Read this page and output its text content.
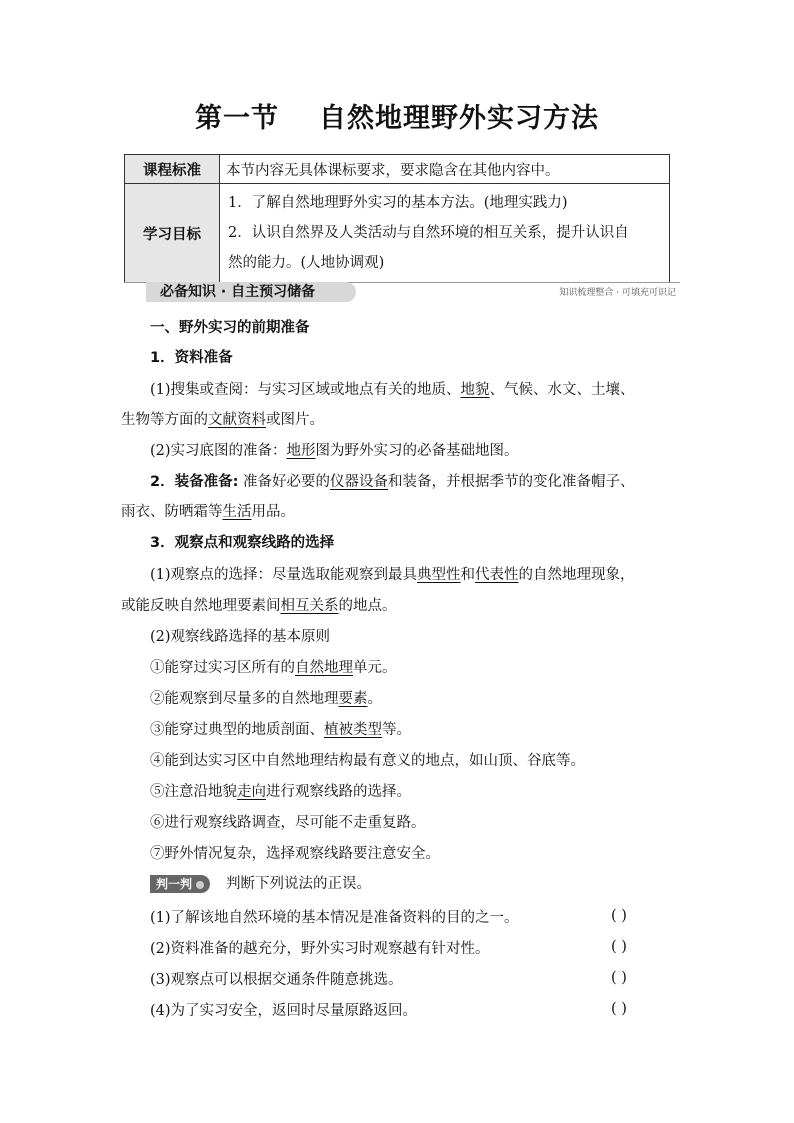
第一节 自然地理野外实习方法
课程标准	本节内容无具体课标要求，要求隐含在其他内容中。
学习目标	1．了解自然地理野外实习的基本方法。(地理实践力)
2．认识自然界及人类活动与自然环境的相互关系，提升认识自
然的能力。(人地协调观)
必备知识 · 自主预习储备	知识梳理整合 · 可填充可识记
一、野外实习的前期准备
1．资料准备
(1)搜集或查阅：与实习区域或地点有关的地质、地貌、气候、水文、土壤、
生物等方面的文献资料或图片。
(2)实习底图的准备：地形图为野外实习的必备基础地图。
2．装备准备: 准备好必要的仪器设备和装备，并根据季节的变化准备帽子、
雨衣、防晒霜等生活用品。
3．观察点和观察线路的选择
(1)观察点的选择：尽量选取能观察到最具典型性和代表性的自然地理现象，
或能反映自然地理要素间相互关系的地点。
(2)观察线路选择的基本原则
①能穿过实习区所有的自然地理单元。
②能观察到尽量多的自然地理要素。
③能穿过典型的地质剖面、植被类型等。
④能到达实习区中自然地理结构最有意义的地点，如山顶、谷底等。
⑤注意沿地貌走向进行观察线路的选择。
⑥进行观察线路调查，尽可能不走重复路。
⑦野外情况复杂，选择观察线路要注意安全。
判一判 判断下列说法的正误。
(1)了解该地自然环境的基本情况是准备资料的目的之一。	( )
(2)资料准备的越充分，野外实习时观察越有针对性。	( )
(3)观察点可以根据交通条件随意挑选。	( )
(4)为了实习安全，返回时尽量原路返回。	( )
